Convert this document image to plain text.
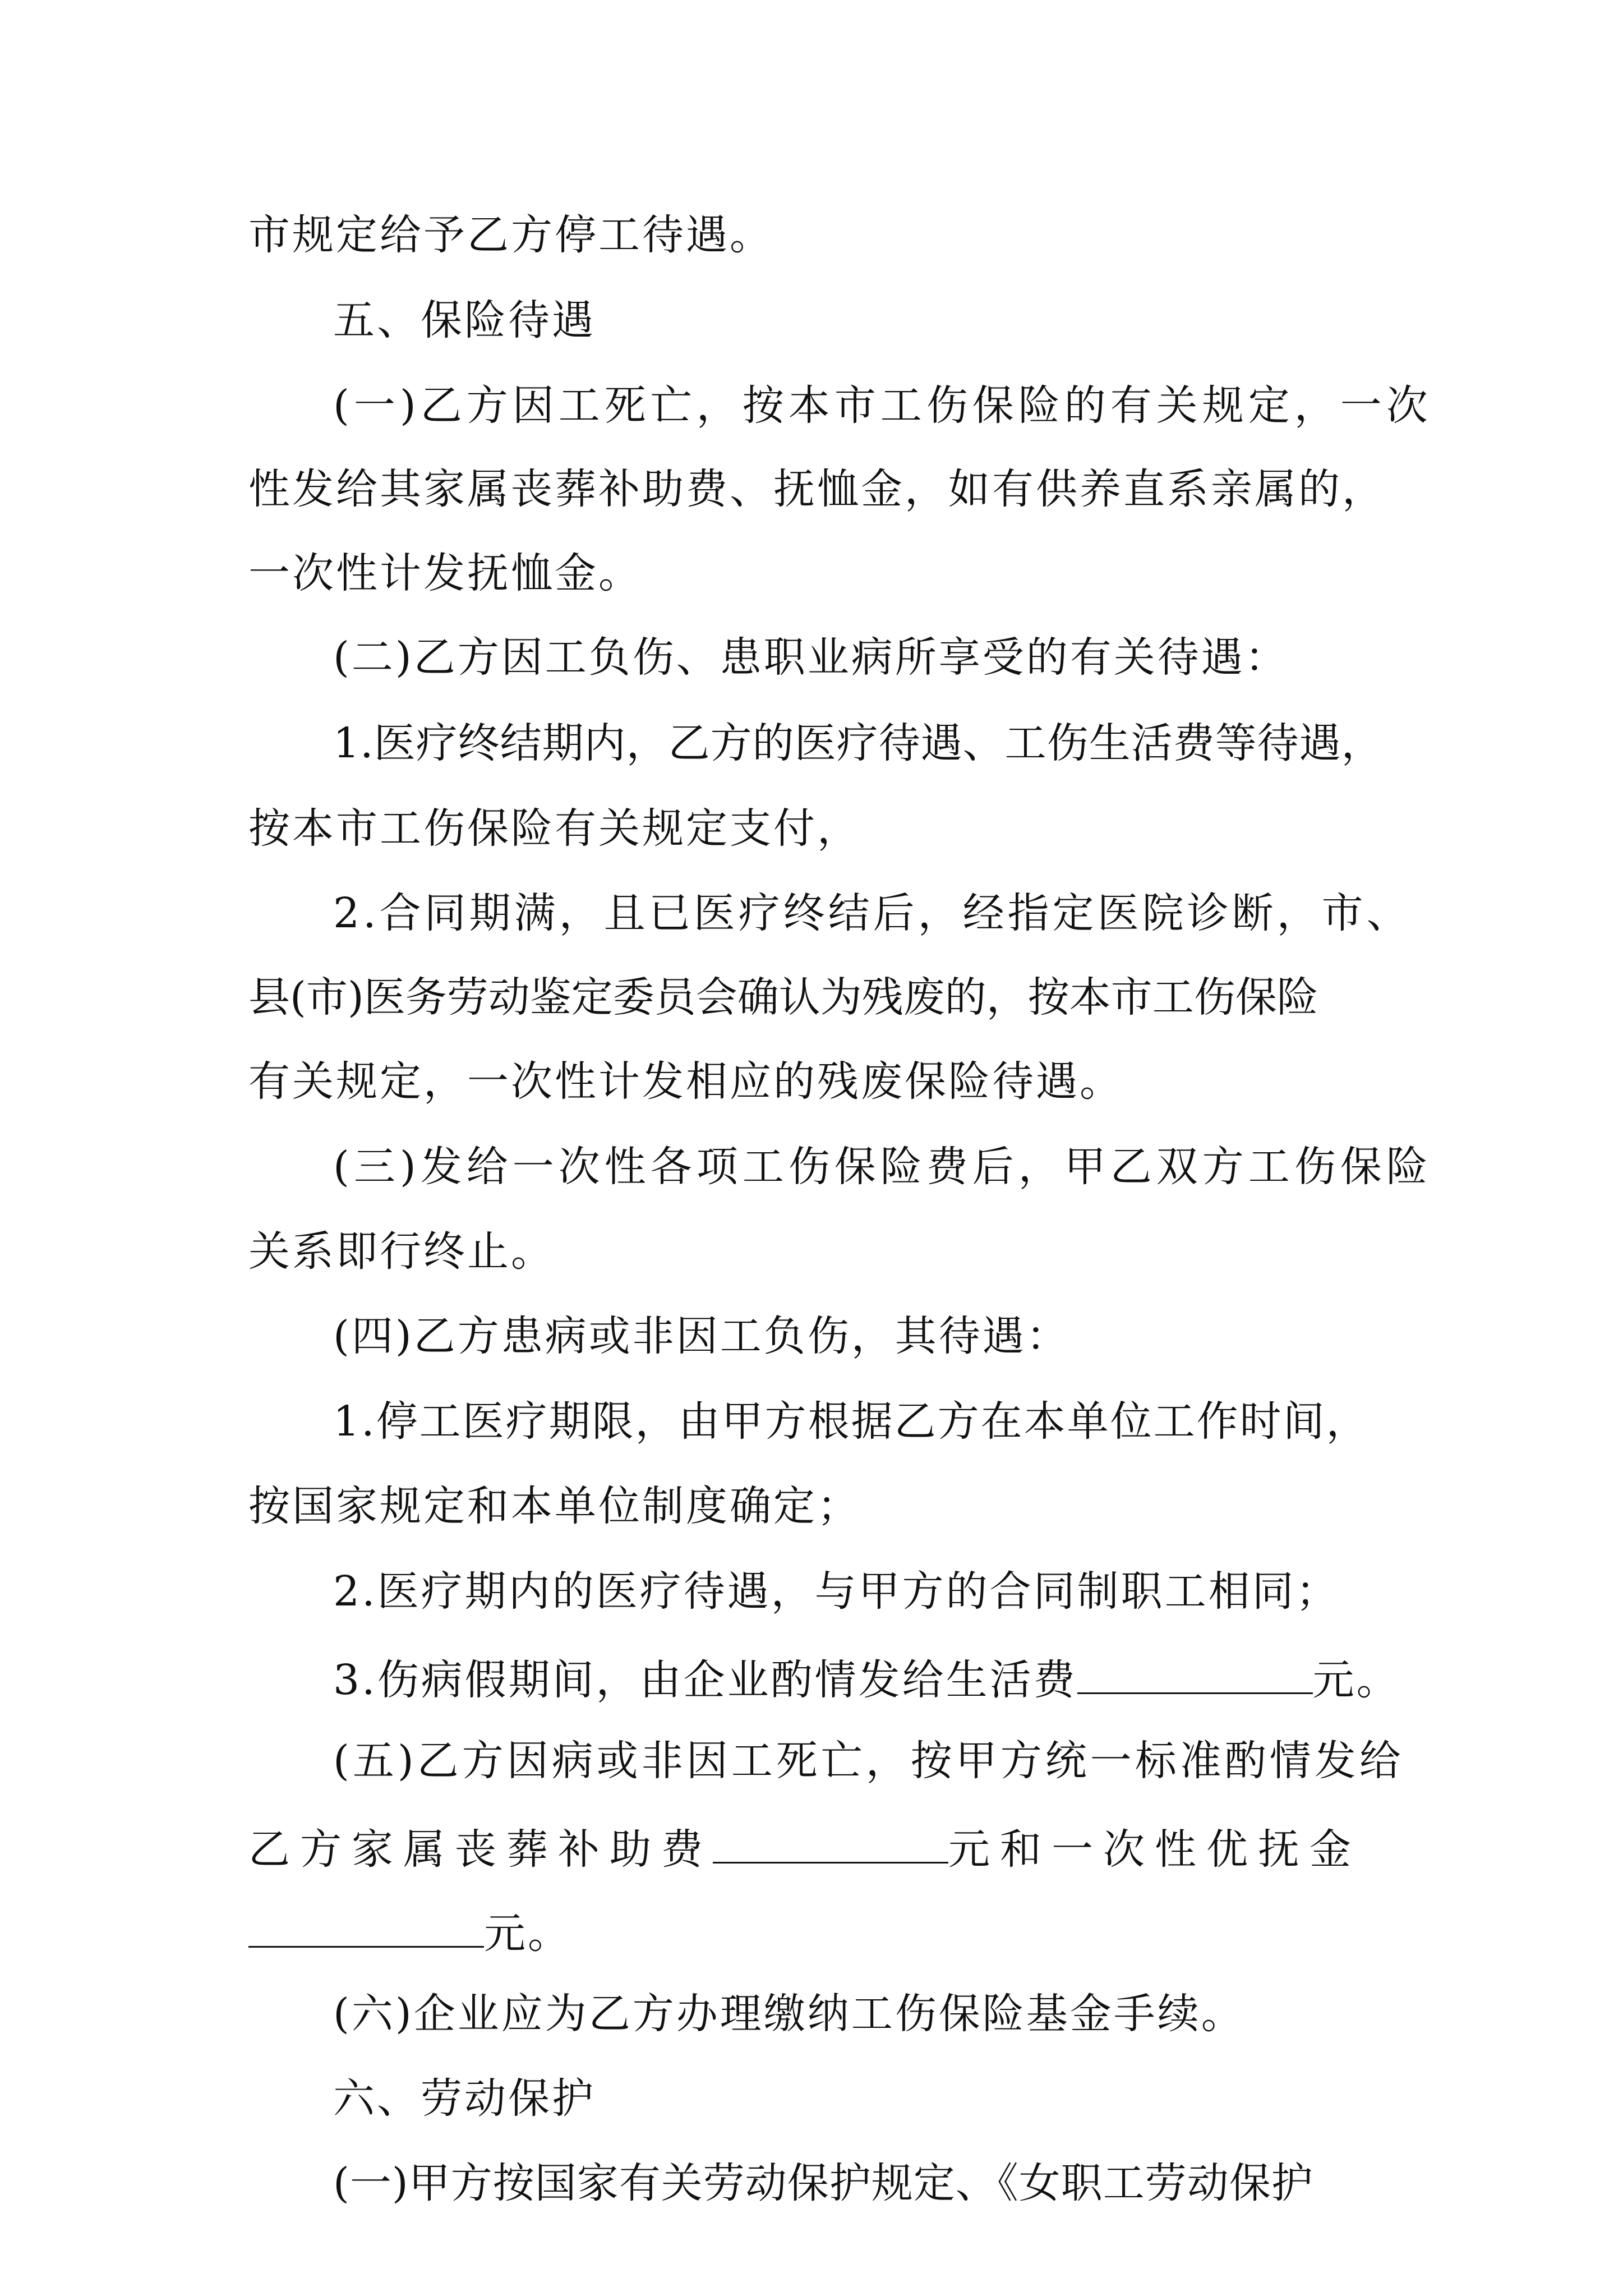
市规定给予乙方停工待遇。

五、保险待遇

(一)乙方因工死亡，按本市工伤保险的有关规定，一次

性发给其家属丧葬补助费、抚恤金，如有供养直系亲属的，

一次性计发抚恤金。

(二)乙方因工负伤、患职业病所享受的有关待遇：

1.医疗终结期内，乙方的医疗待遇、工伤生活费等待遇，

按本市工伤保险有关规定支付，

2.合同期满，且已医疗终结后，经指定医院诊断，市、

县(市)医务劳动鉴定委员会确认为残废的，按本市工伤保险

有关规定，一次性计发相应的残废保险待遇。

(三)发给一次性各项工伤保险费后，甲乙双方工伤保险

关系即行终止。

(四)乙方患病或非因工负伤，其待遇：

1.停工医疗期限，由甲方根据乙方在本单位工作时间，

按国家规定和本单位制度确定；

2.医疗期内的医疗待遇，与甲方的合同制职工相同；

3.伤病假期间，由企业酌情发给生活费	元。

(五)乙方因病或非因工死亡，按甲方统一标准酌情发给

乙方家属丧葬补助费	元和一次性优抚金

元。

(六)企业应为乙方办理缴纳工伤保险基金手续。

六、劳动保护

(一)甲方按国家有关劳动保护规定、《女职工劳动保护
